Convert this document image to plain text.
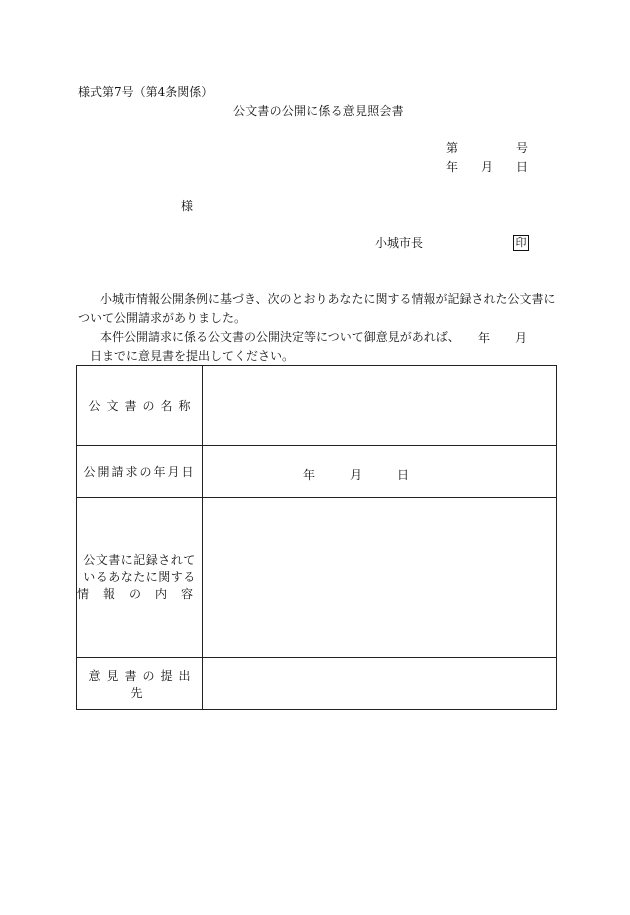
様式第7号（第4条関係）
公文書の公開に係る意見照会書
第	号
年 月 日
様
小城市長	印
小城市情報公開条例に基づき、次のとおりあなたに関する情報が記録された公文書に
ついて公開請求がありました。
本件公開請求に係る公文書の公開決定等について御意見があれば、
日までに意見書を提出してください。
年 月
公文書の名称	
公開請求の年月日	年 月 日

公文書に記録されて
いるあなたに関する
情報の内容	

意見書の提出先	
